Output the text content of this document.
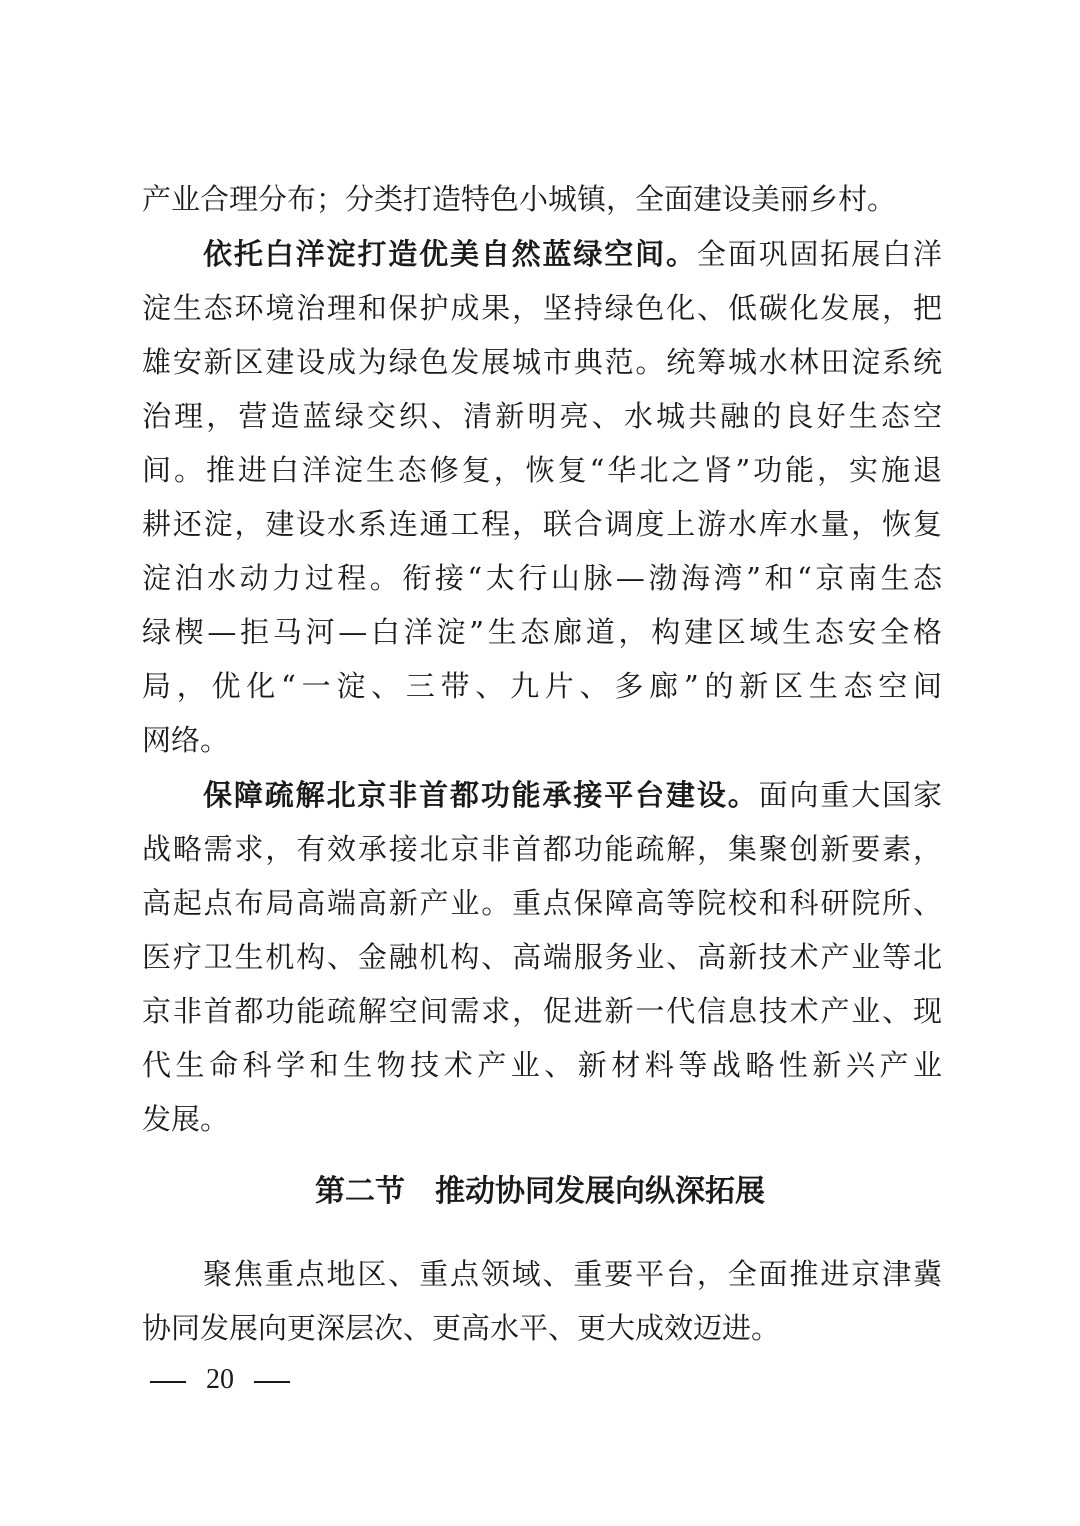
产业合理分布；分类打造特色小城镇，全面建设美丽乡村。
依托白洋淀打造优美自然蓝绿空间。全面巩固拓展白洋
淀生态环境治理和保护成果，坚持绿色化、低碳化发展，把
雄安新区建设成为绿色发展城市典范。统筹城水林田淀系统
治理，营造蓝绿交织、清新明亮、水城共融的良好生态空
间。推进白洋淀生态修复，恢复“华北之肾”功能，实施退
耕还淀，建设水系连通工程，联合调度上游水库水量，恢复
淀泊水动力过程。衔接“太行山脉—渤海湾”和“京南生态
绿楔—拒马河—白洋淀”生态廊道，构建区域生态安全格
局，优化“一淀、三带、九片、多廊”的新区生态空间
网络。
保障疏解北京非首都功能承接平台建设。面向重大国家
战略需求，有效承接北京非首都功能疏解，集聚创新要素，
高起点布局高端高新产业。重点保障高等院校和科研院所、
医疗卫生机构、金融机构、高端服务业、高新技术产业等北
京非首都功能疏解空间需求，促进新一代信息技术产业、现
代生命科学和生物技术产业、新材料等战略性新兴产业
发展。
第二节　推动协同发展向纵深拓展
聚焦重点地区、重点领域、重要平台，全面推进京津冀
协同发展向更深层次、更高水平、更大成效迈进。
20
